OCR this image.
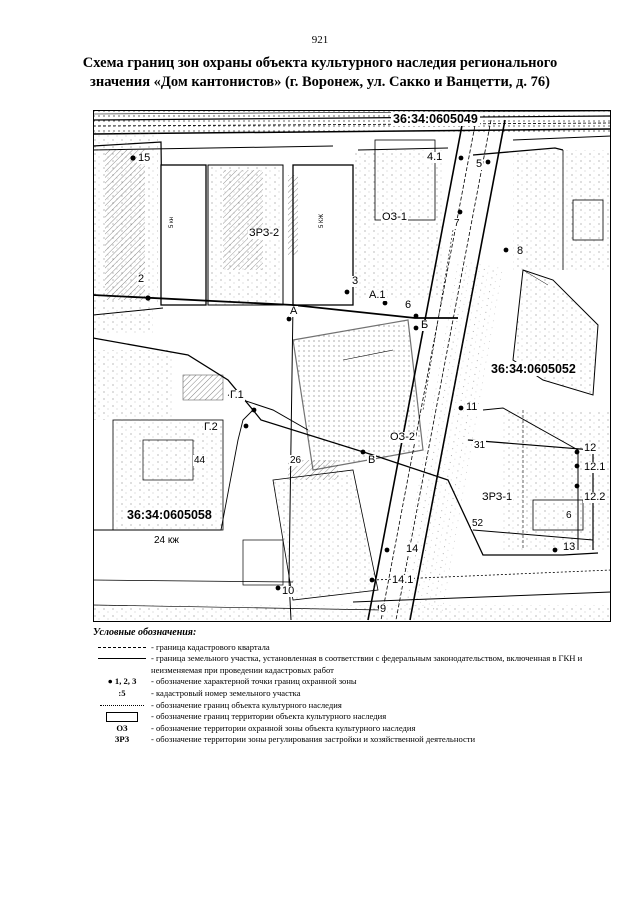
921
Схема границ зон охраны объекта культурного наследия регионального
значения «Дом кантонистов» (г. Воронеж, ул. Сакко и Ванцетти, д. 76)
5 кн	5 КЖ
36:34:0605049
36:34:0605052
36:34:0605058
ЗРЗ-2
ОЗ-1
ОЗ-2
ЗРЗ-1
15
2	3
А
А.1
6
Б
4.1
5
8
7
Г.1
Г.2
В
11
12
12.1
12.2
13
14
14.1
10
9
44
31
52
6
26
24 кж
Условные обозначения:
- граница кадастрового квартала
- граница земельного участка, установленная в соответствии с федеральным законодательством, включенная в ГКН и неизменяемая при проведении кадастровых работ
● 1, 2, 3	- обозначение характерной точки границ охранной зоны
:5	- кадастровый номер земельного участка
- обозначение границ объекта культурного наследия
- обозначение границ территории объекта культурного наследия
ОЗ	- обозначение территории охранной зоны объекта культурного наследия
ЗРЗ	- обозначение территории зоны регулирования застройки и хозяйственной деятельности
